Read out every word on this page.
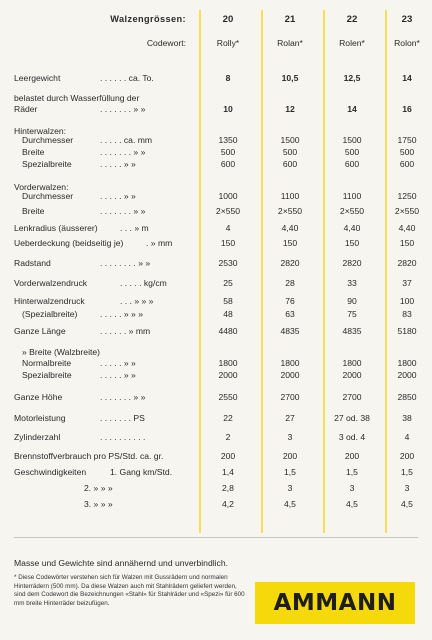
Walzengrössen:	20	21	22	23
Codewort:	Rolly*	Rolan*	Rolen*	Rolon*
Leergewicht	. . . . . . ca. To.	8	10,5	12,5	14
belastet durch Wasserfüllung der
Räder	. . . . . . . » »	10	12	14	16
Hinterwalzen:
Durchmesser	. . . . . ca. mm	1350	1500	1500	1750
Breite	. . . . . . . » »	500	500	500	500
Spezialbreite	. . . . . » »	600	600	600	600
Vorderwalzen:
Durchmesser	. . . . . » »	1000	1100	1100	1250
Breite	. . . . . . . » »	2×550	2×550	2×550	2×550
Lenkradius (äusserer)	. . . » m	4	4,40	4,40	4,40
Ueberdeckung (beidseitig je)	. » mm	150	150	150	150
Radstand	. . . . . . . . » »	2530	2820	2820	2820
Vorderwalzendruck	. . . . . kg/cm	25	28	33	37
Hinterwalzendruck	. . . » » »	58	76	90	100
(Spezialbreite)	. . . . . » » »	48	63	75	83
Ganze Länge	. . . . . . » mm	4480	4835	4835	5180
» Breite (Walzbreite)
Normalbreite	. . . . . » »	1800	1800	1800	1800
Spezialbreite	. . . . . » »	2000	2000	2000	2000
Ganze Höhe	. . . . . . . » »	2550	2700	2700	2850
Motorleistung	. . . . . . . PS	22	27	27 od. 38	38
Zylinderzahl	. . . . . . . . . .	2	3	3 od. 4	4
Brennstoffverbrauch pro PS/Std. ca. gr.	200	200	200	200
Geschwindigkeiten	1. Gang km/Std.	1,4	1,5	1,5	1,5
2. » » »	2,8	3	3	3
3. » » »	4,2	4,5	4,5	4,5
Masse und Gewichte sind annähernd und unverbindlich.
* Diese Codewörter verstehen sich für Walzen mit Gussrädern und normalen Hinterrädern (500 mm). Da diese Walzen auch mit Stahlrädern geliefert werden, sind dem Codewort die Bezeichnungen «Stahl» für Stahlräder und «Spezi» für 600 mm breite Hinterräder beizufügen.	AMMANN
